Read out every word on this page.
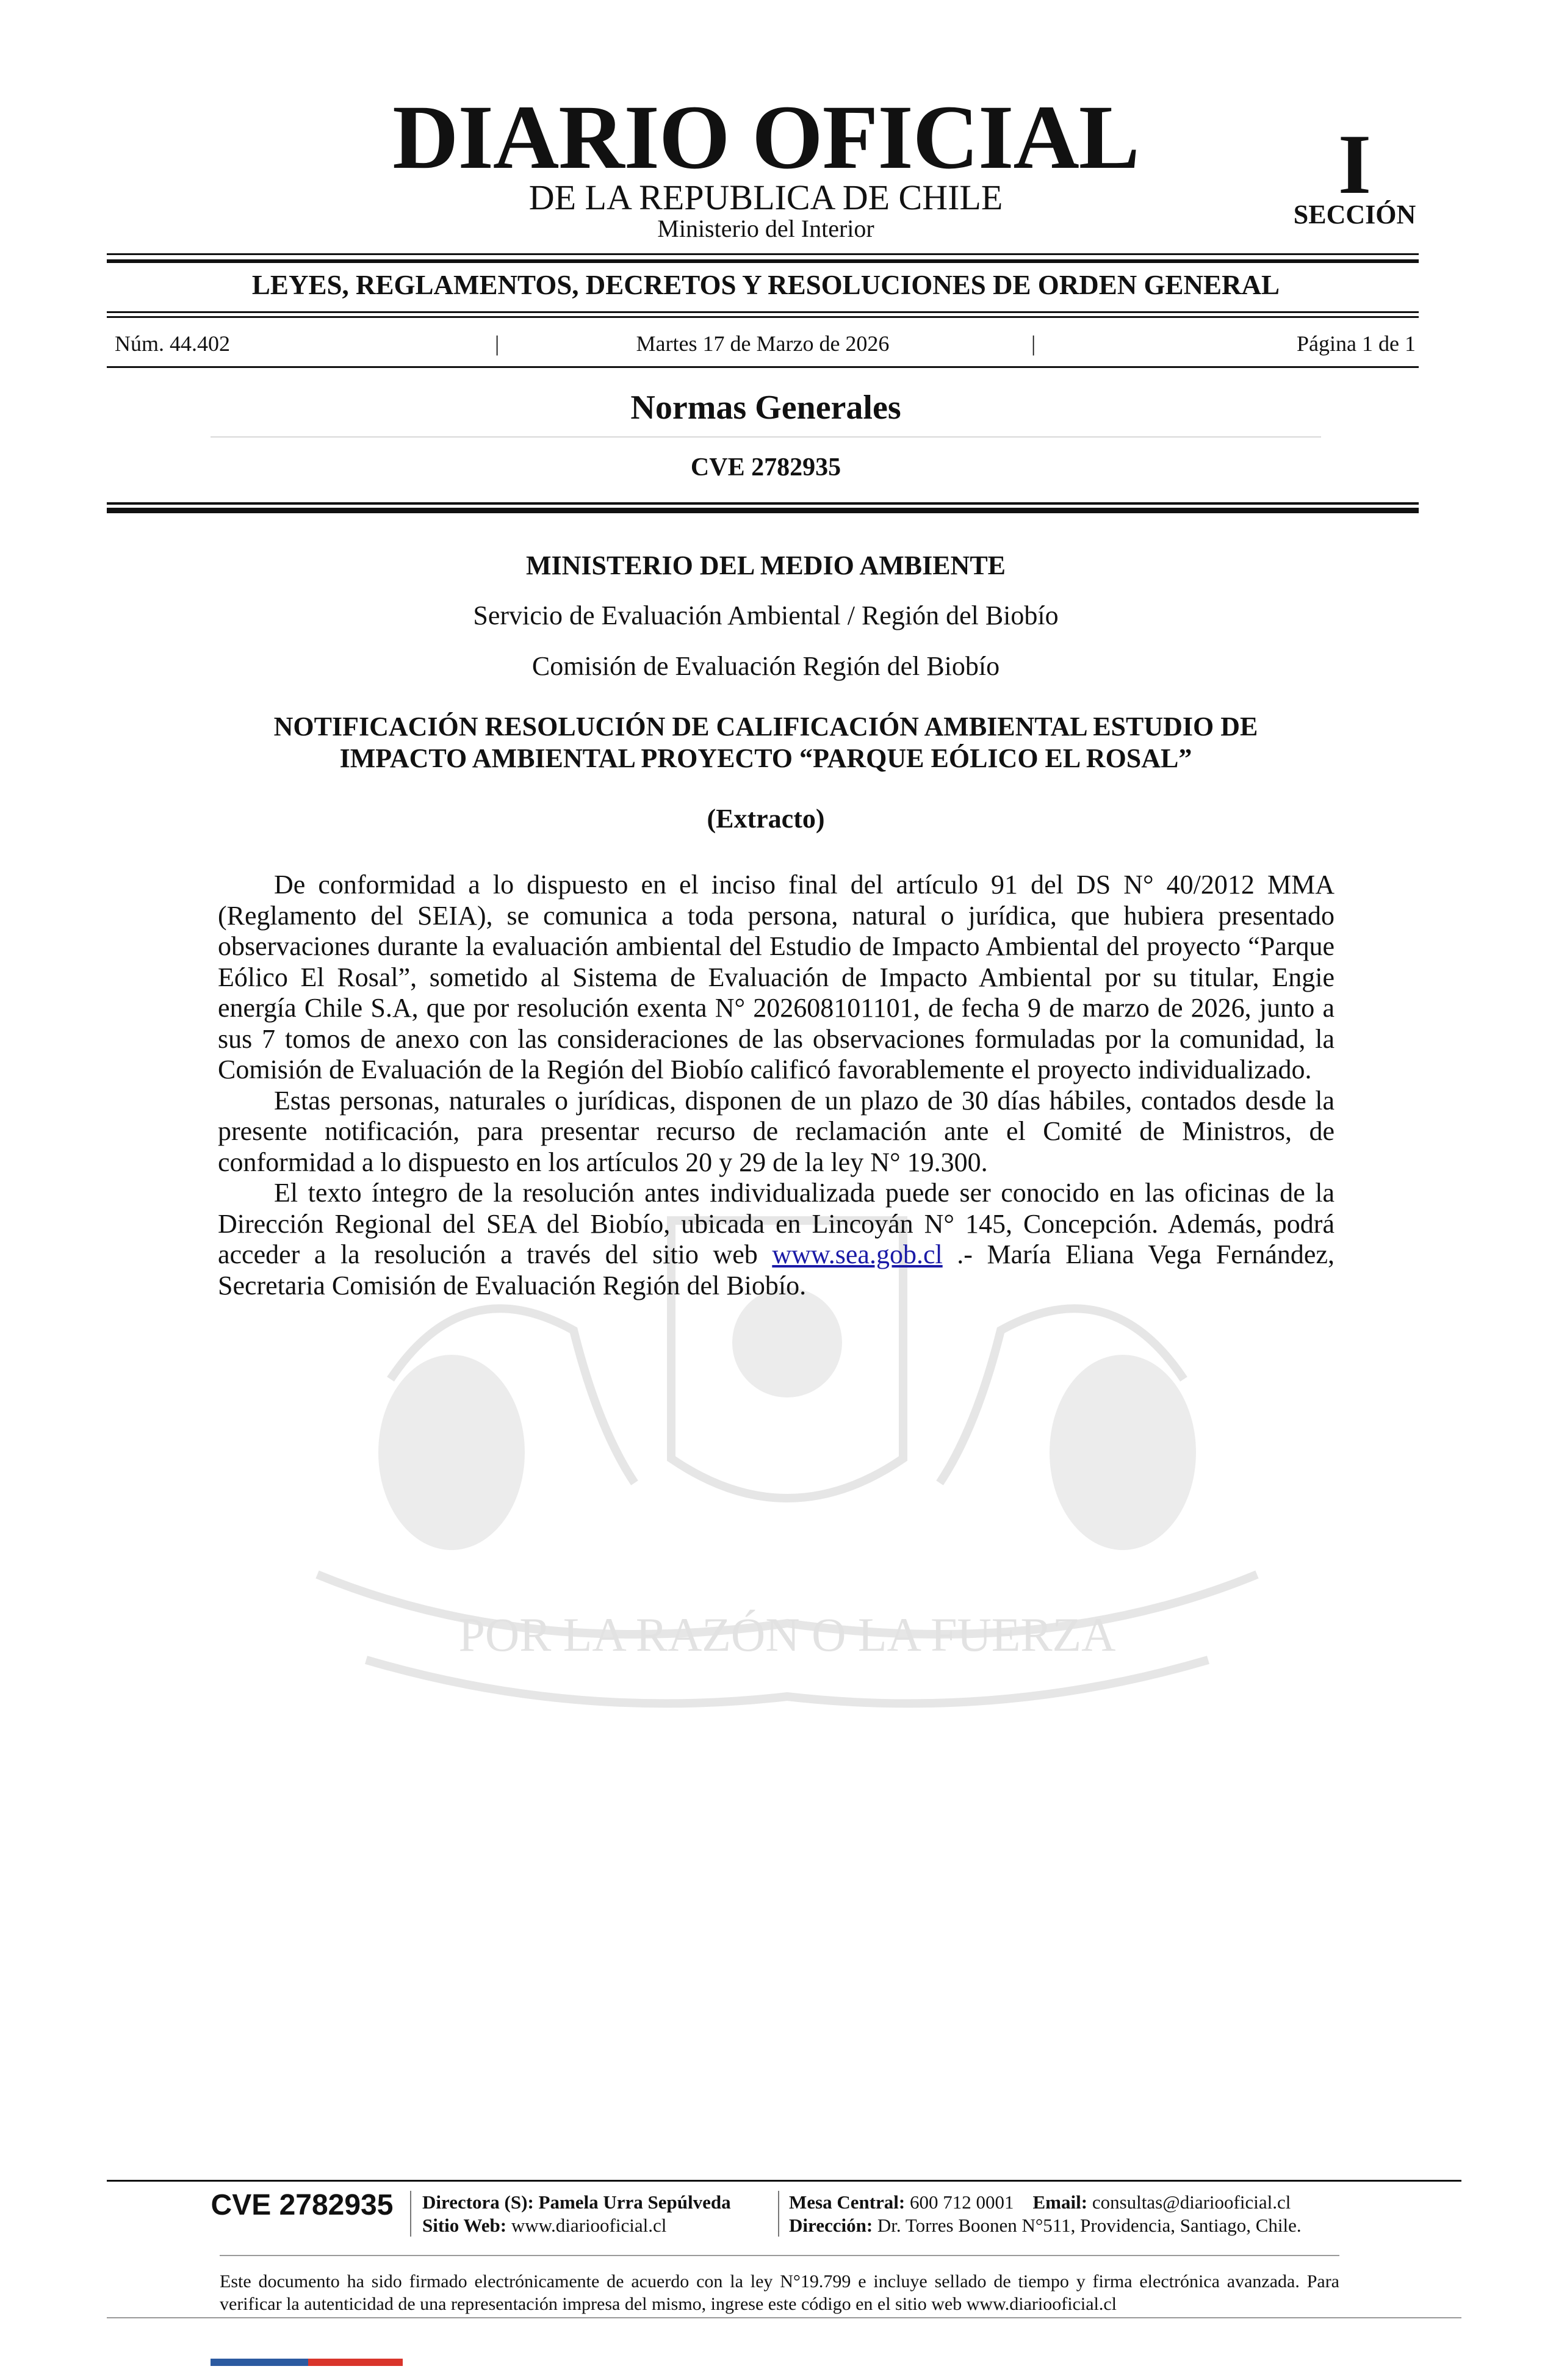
POR LA RAZÓN O LA FUERZA
DIARIO OFICIAL
DE LA REPUBLICA DE CHILE
Ministerio del Interior
I
SECCIÓN
LEYES, REGLAMENTOS, DECRETOS Y RESOLUCIONES DE ORDEN GENERAL
Núm. 44.402	|	Martes 17 de Marzo de 2026	|	Página 1 de 1
Normas Generales
CVE 2782935
MINISTERIO DEL MEDIO AMBIENTE
Servicio de Evaluación Ambiental / Región del Biobío
Comisión de Evaluación Región del Biobío
NOTIFICACIÓN RESOLUCIÓN DE CALIFICACIÓN AMBIENTAL ESTUDIO DE
IMPACTO AMBIENTAL PROYECTO “PARQUE EÓLICO EL ROSAL”
(Extracto)

De conformidad a lo dispuesto en el inciso final del artículo 91 del DS N° 40/2012 MMA (Reglamento del SEIA), se comunica a toda persona, natural o jurídica, que hubiera presentado observaciones durante la evaluación ambiental del Estudio de Impacto Ambiental del proyecto “Parque Eólico El Rosal”, sometido al Sistema de Evaluación de Impacto Ambiental por su titular, Engie energía Chile S.A, que por resolución exenta N° 202608101101, de fecha 9 de marzo de 2026, junto a sus 7 tomos de anexo con las consideraciones de las observaciones formuladas por la comunidad, la Comisión de Evaluación de la Región del Biobío calificó favorablemente el proyecto individualizado.

Estas personas, naturales o jurídicas, disponen de un plazo de 30 días hábiles, contados desde la presente notificación, para presentar recurso de reclamación ante el Comité de Ministros, de conformidad a lo dispuesto en los artículos 20 y 29 de la ley N° 19.300.

El texto íntegro de la resolución antes individualizada puede ser conocido en las oficinas de la Dirección Regional del SEA del Biobío, ubicada en Lincoyán N° 145, Concepción. Además, podrá acceder a la resolución a través del sitio web www.sea.gob.cl .- María Eliana Vega Fernández, Secretaria Comisión de Evaluación Región del Biobío.

CVE 2782935	Directora (S): Pamela Urra Sepúlveda
Sitio Web: www.diariooficial.cl
Mesa Central: 600 712 0001 Email: consultas@diariooficial.cl
Dirección: Dr. Torres Boonen N°511, Providencia, Santiago, Chile.
Este documento ha sido firmado electrónicamente de acuerdo con la ley N°19.799 e incluye sellado de tiempo y firma electrónica avanzada. Para verificar la autenticidad de una representación impresa del mismo, ingrese este código en el sitio web www.diariooficial.cl
